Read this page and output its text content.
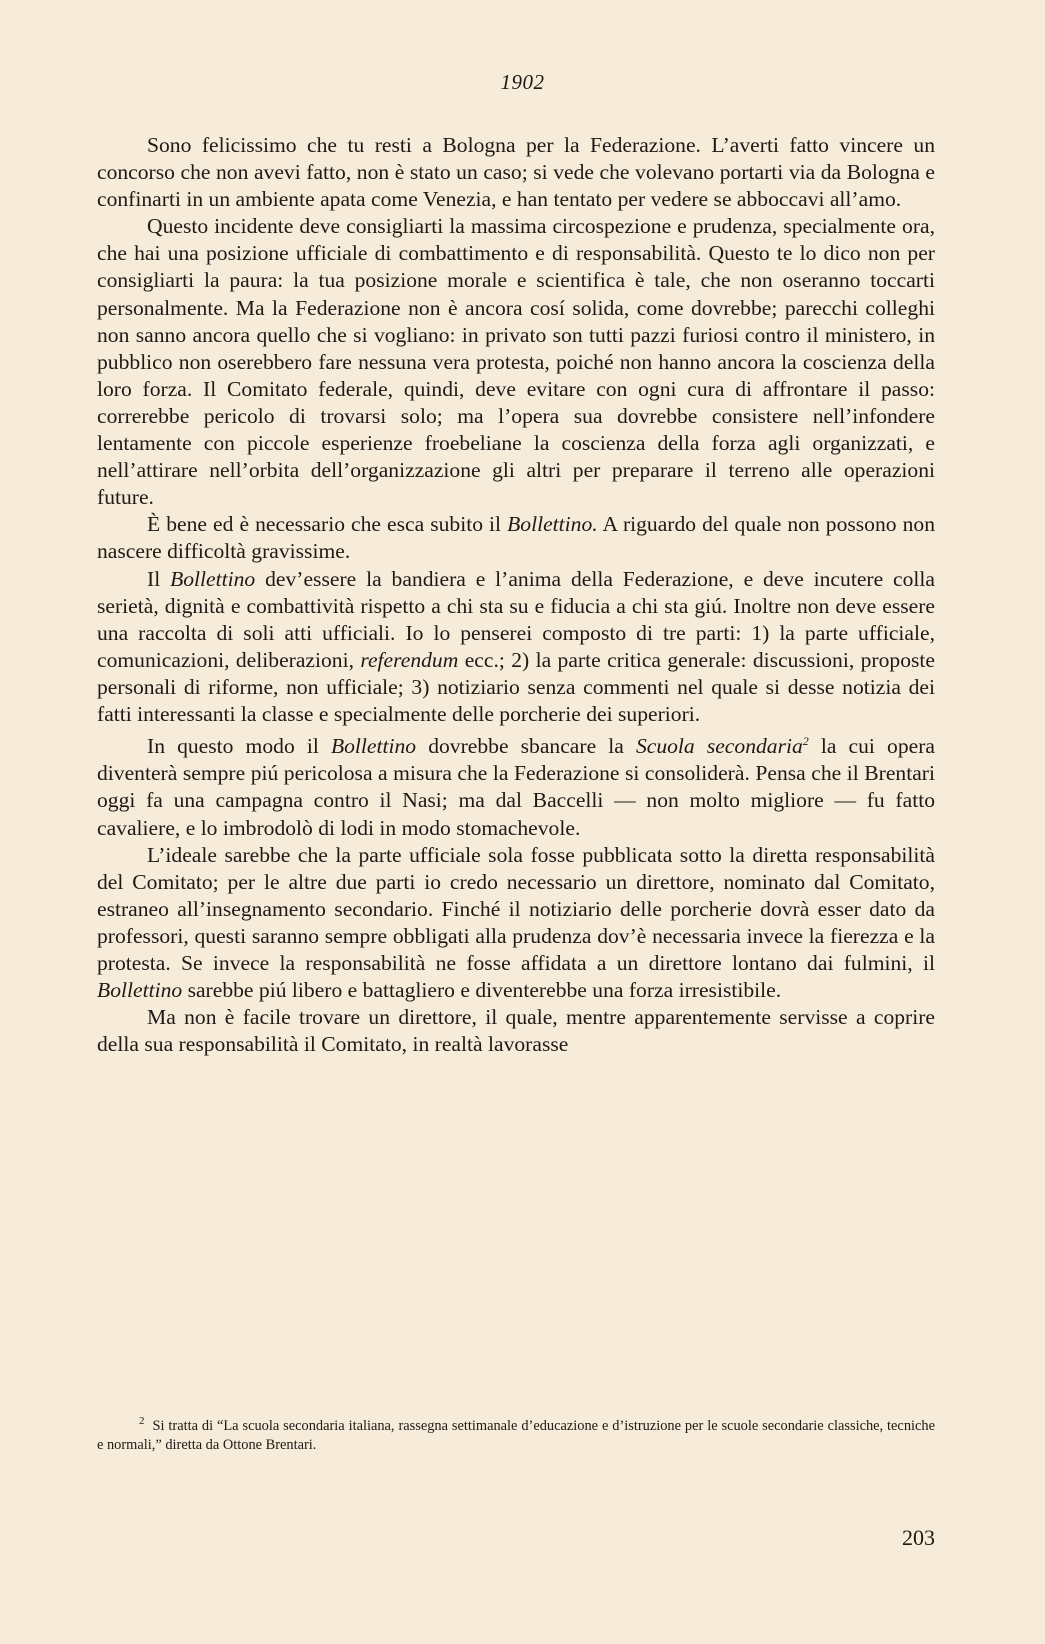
1902

Sono felicissimo che tu resti a Bologna per la Federazione. L’averti fatto vincere un concorso che non avevi fatto, non è stato un caso; si vede che volevano portarti via da Bologna e confinarti in un ambiente apata come Venezia, e han tentato per vedere se abboccavi all’amo.

Questo incidente deve consigliarti la massima circospezione e prudenza, specialmente ora, che hai una posizione ufficiale di combattimento e di responsabilità. Questo te lo dico non per consigliarti la paura: la tua posizione morale e scientifica è tale, che non oseranno toccarti personalmente. Ma la Federazione non è ancora cosí solida, come dovrebbe; parecchi colleghi non sanno ancora quello che si vogliano: in privato son tutti pazzi furiosi contro il ministero, in pubblico non oserebbero fare nessuna vera protesta, poiché non hanno ancora la coscienza della loro forza. Il Comitato federale, quindi, deve evitare con ogni cura di affrontare il passo: correrebbe pericolo di trovarsi solo; ma l’opera sua dovrebbe consistere nell’infondere lentamente con piccole esperienze froebeliane la coscienza della forza agli organizzati, e nell’attirare nell’orbita dell’organizzazione gli altri per preparare il terreno alle operazioni future.

È bene ed è necessario che esca subito il Bollettino. A riguardo del quale non possono non nascere difficoltà gravissime.

Il Bollettino dev’essere la bandiera e l’anima della Federazione, e deve incutere colla serietà, dignità e combattività rispetto a chi sta su e fiducia a chi sta giú. Inoltre non deve essere una raccolta di soli atti ufficiali. Io lo penserei composto di tre parti: 1) la parte ufficiale, comunicazioni, deliberazioni, referendum ecc.; 2) la parte critica generale: discussioni, proposte personali di riforme, non ufficiale; 3) notiziario senza commenti nel quale si desse notizia dei fatti interessanti la classe e specialmente delle porcherie dei superiori.

In questo modo il Bollettino dovrebbe sbancare la Scuola secondaria$^2$ la cui opera diventerà sempre piú pericolosa a misura che la Federazione si consoliderà. Pensa che il Brentari oggi fa una campagna contro il Nasi; ma dal Baccelli — non molto migliore — fu fatto cavaliere, e lo imbrodolò di lodi in modo stomachevole.

L’ideale sarebbe che la parte ufficiale sola fosse pubblicata sotto la diretta responsabilità del Comitato; per le altre due parti io credo necessario un direttore, nominato dal Comitato, estraneo all’insegnamento secondario. Finché il notiziario delle porcherie dovrà esser dato da professori, questi saranno sempre obbligati alla prudenza dov’è necessaria invece la fierezza e la protesta. Se invece la responsabilità ne fosse affidata a un direttore lontano dai fulmini, il Bollettino sarebbe piú libero e battagliero e diventerebbe una forza irresistibile.

Ma non è facile trovare un direttore, il quale, mentre apparentemente servisse a coprire della sua responsabilità il Comitato, in realtà lavorasse

$^2$ Si tratta di “La scuola secondaria italiana, rassegna settimanale d’educazione e d’istruzione per le scuole secondarie classiche, tecniche e normali,” diretta da Ottone Brentari.

203
